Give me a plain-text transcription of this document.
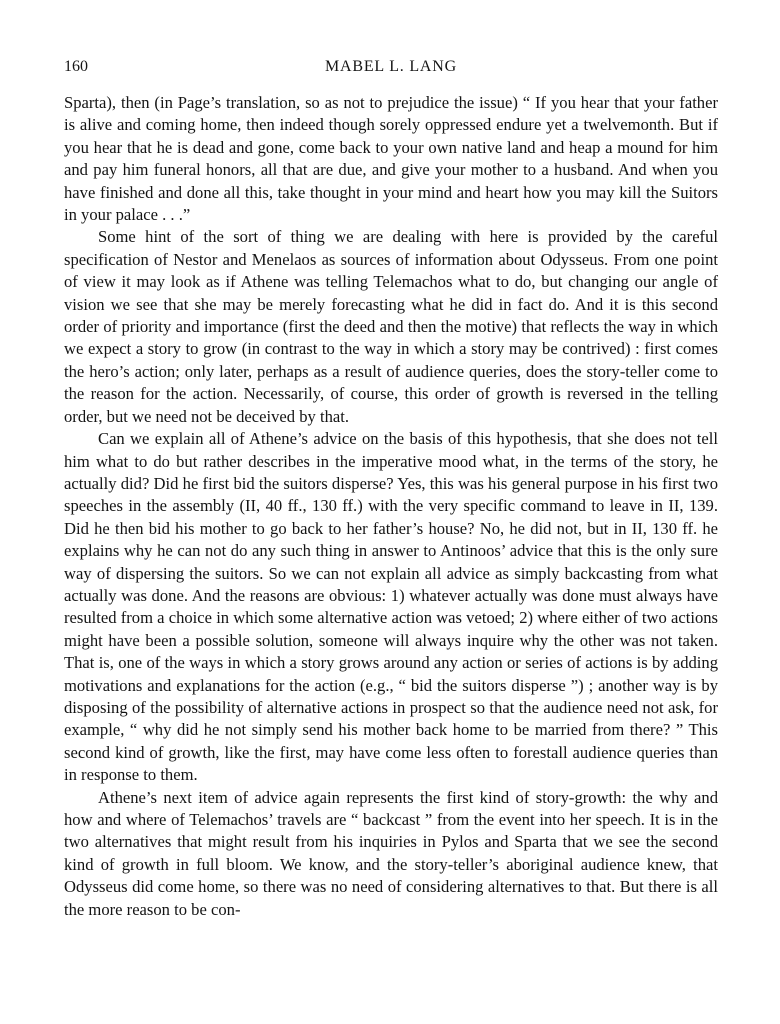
160	MABEL L. LANG

Sparta), then (in Page’s translation, so as not to prejudice the issue) “ If you hear that your father is alive and coming home, then indeed though sorely oppressed endure yet a twelvemonth. But if you hear that he is dead and gone, come back to your own native land and heap a mound for him and pay him funeral honors, all that are due, and give your mother to a husband. And when you have finished and done all this, take thought in your mind and heart how you may kill the Suitors in your palace . . .”

Some hint of the sort of thing we are dealing with here is provided by the careful specification of Nestor and Menelaos as sources of information about Odysseus. From one point of view it may look as if Athene was telling Telemachos what to do, but changing our angle of vision we see that she may be merely forecasting what he did in fact do. And it is this second order of priority and importance (first the deed and then the motive) that reflects the way in which we expect a story to grow (in contrast to the way in which a story may be contrived) : first comes the hero’s action; only later, perhaps as a result of audience queries, does the story-teller come to the reason for the action. Necessarily, of course, this order of growth is reversed in the telling order, but we need not be deceived by that.

Can we explain all of Athene’s advice on the basis of this hypothesis, that she does not tell him what to do but rather describes in the imperative mood what, in the terms of the story, he actually did? Did he first bid the suitors disperse? Yes, this was his general purpose in his first two speeches in the assembly (II, 40 ff., 130 ff.) with the very specific command to leave in II, 139. Did he then bid his mother to go back to her father’s house? No, he did not, but in II, 130 ff. he explains why he can not do any such thing in answer to Antinoos’ advice that this is the only sure way of dispersing the suitors. So we can not explain all advice as simply backcasting from what actually was done. And the reasons are obvious: 1) whatever actually was done must always have resulted from a choice in which some alternative action was vetoed; 2) where either of two actions might have been a possible solution, someone will always inquire why the other was not taken. That is, one of the ways in which a story grows around any action or series of actions is by adding motivations and explanations for the action (e.g., “ bid the suitors disperse ”) ; another way is by disposing of the possibility of alternative actions in prospect so that the audience need not ask, for example, “ why did he not simply send his mother back home to be married from there? ” This second kind of growth, like the first, may have come less often to forestall audience queries than in response to them.

Athene’s next item of advice again represents the first kind of story-growth: the why and how and where of Telemachos’ travels are “ backcast ” from the event into her speech. It is in the two alternatives that might result from his inquiries in Pylos and Sparta that we see the second kind of growth in full bloom. We know, and the story-teller’s aboriginal audience knew, that Odysseus did come home, so there was no need of considering alternatives to that. But there is all the more reason to be con-
